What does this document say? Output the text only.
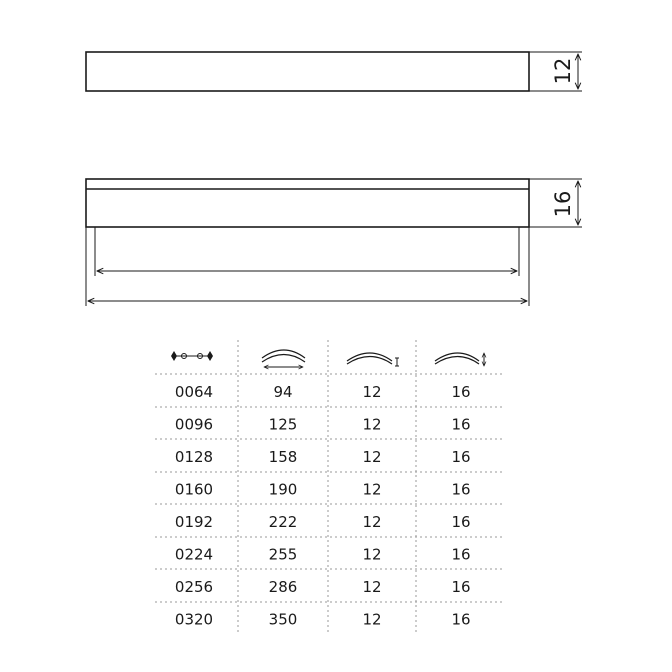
12
16
0064	94	12	16
0096	125	12	16
0128	158	12	16
0160	190	12	16
0192	222	12	16
0224	255	12	16
0256	286	12	16
0320	350	12	16
